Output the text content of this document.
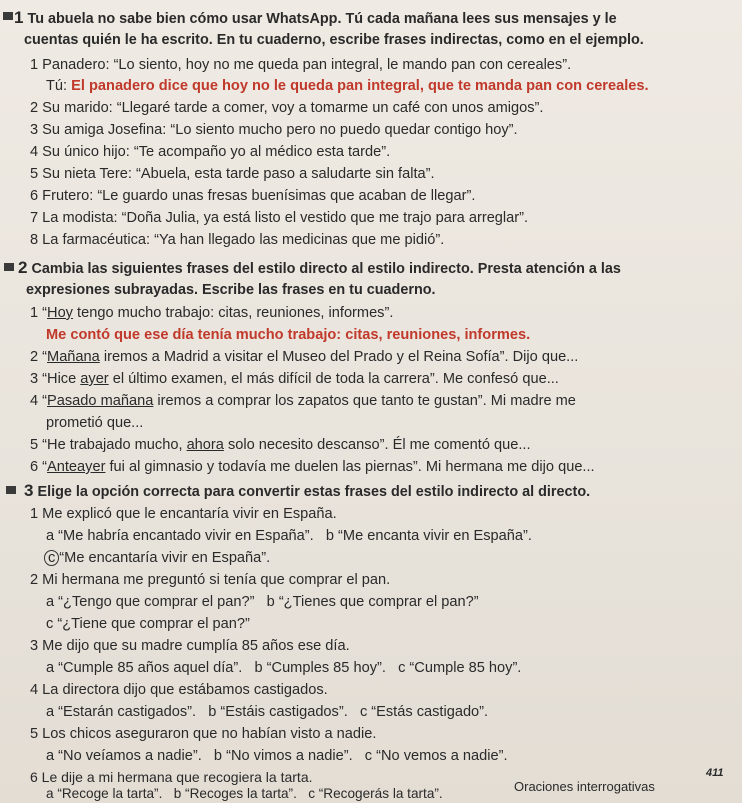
1 Tu abuela no sabe bien cómo usar WhatsApp. Tú cada mañana lees sus mensajes y le
cuentas quién le ha escrito. En tu cuaderno, escribe frases indirectas, como en el ejemplo.
1 Panadero: “Lo siento, hoy no me queda pan integral, le mando pan con cereales”.
Tú: El panadero dice que hoy no le queda pan integral, que te manda pan con cereales.
2 Su marido: “Llegaré tarde a comer, voy a tomarme un café con unos amigos”.
3 Su amiga Josefina: “Lo siento mucho pero no puedo quedar contigo hoy”.
4 Su único hijo: “Te acompaño yo al médico esta tarde”.
5 Su nieta Tere: “Abuela, esta tarde paso a saludarte sin falta”.
6 Frutero: “Le guardo unas fresas buenísimas que acaban de llegar”.
7 La modista: “Doña Julia, ya está listo el vestido que me trajo para arreglar”.
8 La farmacéutica: “Ya han llegado las medicinas que me pidió”.
2 Cambia las siguientes frases del estilo directo al estilo indirecto. Presta atención a las
expresiones subrayadas. Escribe las frases en tu cuaderno.
1 “Hoy tengo mucho trabajo: citas, reuniones, informes”.
Me contó que ese día tenía mucho trabajo: citas, reuniones, informes.
2 “Mañana iremos a Madrid a visitar el Museo del Prado y el Reina Sofía”. Dijo que...
3 “Hice ayer el último examen, el más difícil de toda la carrera”. Me confesó que...
4 “Pasado mañana iremos a comprar los zapatos que tanto te gustan”. Mi madre me
prometió que...
5 “He trabajado mucho, ahora solo necesito descanso”. Él me comentó que...
6 “Anteayer fui al gimnasio y todavía me duelen las piernas”. Mi hermana me dijo que...
3 Elige la opción correcta para convertir estas frases del estilo indirecto al directo.
1 Me explicó que le encantaría vivir en España.
a “Me habría encantado vivir en España”. b “Me encanta vivir en España”.
c “Me encantaría vivir en España”.
2 Mi hermana me preguntó si tenía que comprar el pan.
a “¿Tengo que comprar el pan?” b “¿Tienes que comprar el pan?”
c “¿Tiene que comprar el pan?”
3 Me dijo que su madre cumplía 85 años ese día.
a “Cumple 85 años aquel día”. b “Cumples 85 hoy”. c “Cumple 85 hoy”.
4 La directora dijo que estábamos castigados.
a “Estarán castigados”. b “Estáis castigados”. c “Estás castigado”.
5 Los chicos aseguraron que no habían visto a nadie.
a “No veíamos a nadie”. b “No vimos a nadie”. c “No vemos a nadie”.
6 Le dije a mi hermana que recogiera la tarta.
a “Recoge la tarta”. b “Recoges la tarta”. c “Recogerás la tarta”.	Oraciones interrogativas
411
